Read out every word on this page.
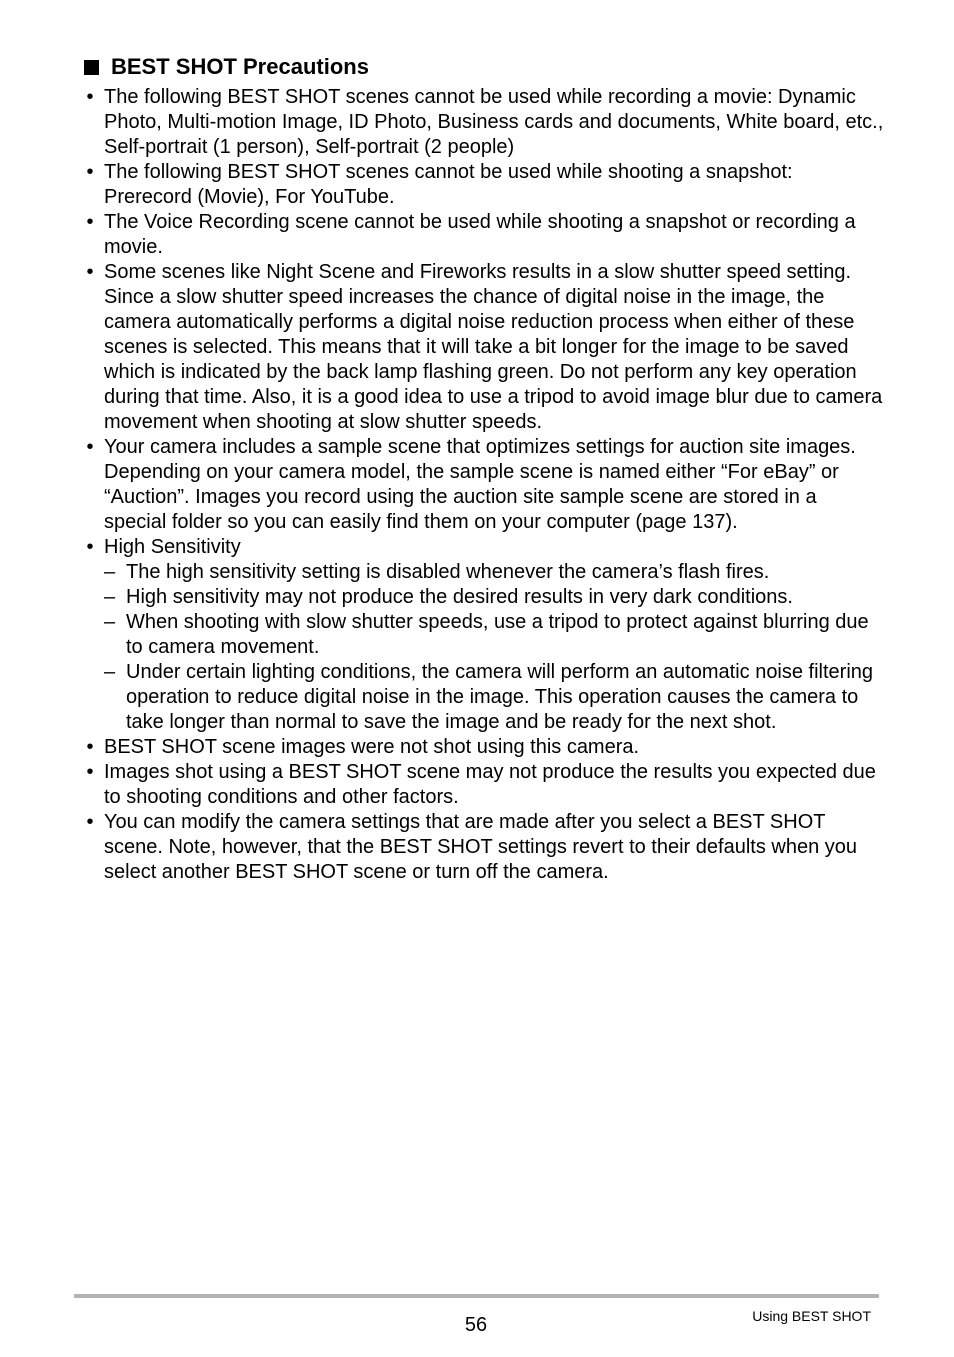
BEST SHOT Precautions
• The following BEST SHOT scenes cannot be used while recording a movie: Dynamic Photo, Multi-motion Image, ID Photo, Business cards and documents, White board, etc., Self-portrait (1 person), Self-portrait (2 people)
• The following BEST SHOT scenes cannot be used while shooting a snapshot: Prerecord (Movie), For YouTube.
• The Voice Recording scene cannot be used while shooting a snapshot or recording a movie.
• Some scenes like Night Scene and Fireworks results in a slow shutter speed setting. Since a slow shutter speed increases the chance of digital noise in the image, the camera automatically performs a digital noise reduction process when either of these scenes is selected. This means that it will take a bit longer for the image to be saved which is indicated by the back lamp flashing green. Do not perform any key operation during that time. Also, it is a good idea to use a tripod to avoid image blur due to camera movement when shooting at slow shutter speeds.
• Your camera includes a sample scene that optimizes settings for auction site images. Depending on your camera model, the sample scene is named either “For eBay” or “Auction”. Images you record using the auction site sample scene are stored in a special folder so you can easily find them on your computer (page 137).
• High Sensitivity
– The high sensitivity setting is disabled whenever the camera’s flash fires.
– High sensitivity may not produce the desired results in very dark conditions.
– When shooting with slow shutter speeds, use a tripod to protect against blurring due to camera movement.
– Under certain lighting conditions, the camera will perform an automatic noise filtering operation to reduce digital noise in the image. This operation causes the camera to take longer than normal to save the image and be ready for the next shot.
• BEST SHOT scene images were not shot using this camera.
• Images shot using a BEST SHOT scene may not produce the results you expected due to shooting conditions and other factors.
• You can modify the camera settings that are made after you select a BEST SHOT scene. Note, however, that the BEST SHOT settings revert to their defaults when you select another BEST SHOT scene or turn off the camera.
56	Using BEST SHOT
